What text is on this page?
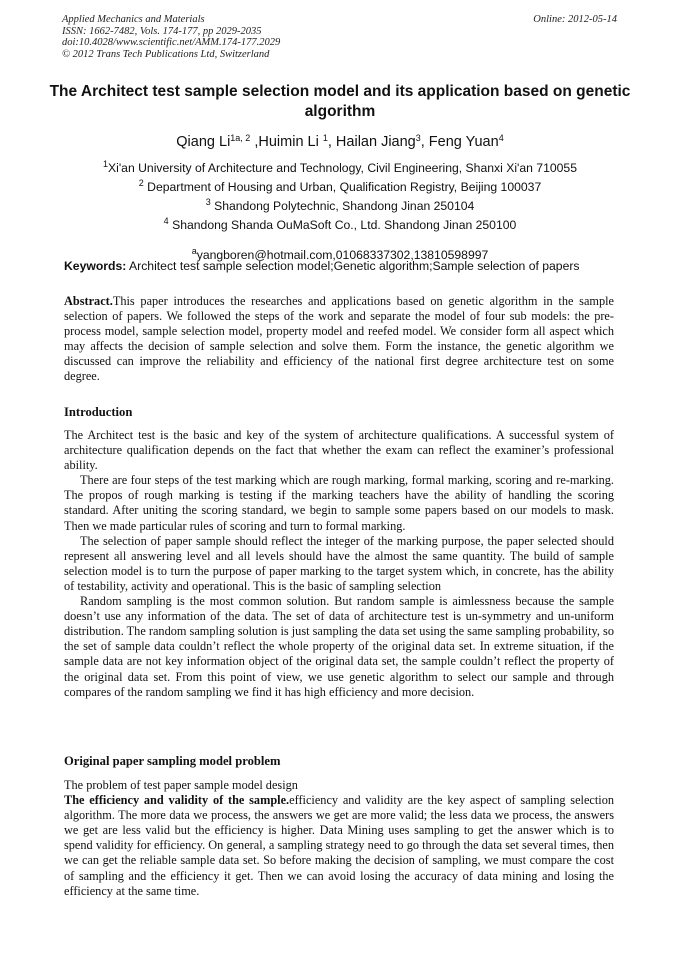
Applied Mechanics and Materials
ISSN: 1662-7482, Vols. 174-177, pp 2029-2035
doi:10.4028/www.scientific.net/AMM.174-177.2029
© 2012 Trans Tech Publications Ltd, Switzerland
Online: 2012-05-14
The Architect test sample selection model and its application based on genetic algorithm
Qiang $Li^{1a, 2}$ ,Huimin Li $^1$, Hailan Jiang$^3$, Feng Yuan$^4$
$^1$Xi'an University of Architecture and Technology, Civil Engineering, Shanxi Xi'an 710055
$^2$ Department of Housing and Urban, Qualification Registry, Beijing 100037
$^3$ Shandong Polytechnic, Shandong Jinan 250104
$^4$ Shandong Shanda OuMaSoft Co., Ltd. Shandong Jinan 250100
$^a$yangboren@hotmail.com,01068337302,13810598997
Keywords: Architect test sample selection model;Genetic algorithm;Sample selection of papers

Abstract.This paper introduces the researches and applications based on genetic algorithm in the sample selection of papers. We followed the steps of the work and separate the model of four sub models: the pre-process model, sample selection model, property model and reefed model. We consider form all aspect which may affects the decision of sample selection and solve them. Form the instance, the genetic algorithm we discussed can improve the reliability and efficiency of the national first degree architecture test on some degree.

Introduction

The Architect test is the basic and key of the system of architecture qualifications. A successful system of architecture qualification depends on the fact that whether the exam can reflect the examiner’s professional ability.

There are four steps of the test marking which are rough marking, formal marking, scoring and re-marking. The propos of rough marking is testing if the marking teachers have the ability of handling the scoring standard. After uniting the scoring standard, we begin to sample some papers based on our models to mask. Then we made particular rules of scoring and turn to formal marking.

The selection of paper sample should reflect the integer of the marking purpose, the paper selected should represent all answering level and all levels should have the almost the same quantity. The build of sample selection model is to turn the purpose of paper marking to the target system which, in concrete, has the ability of testability, activity and operational. This is the basic of sampling selection

Random sampling is the most common solution. But random sample is aimlessness because the sample doesn’t use any information of the data. The set of data of architecture test is un-symmetry and un-uniform distribution. The random sampling solution is just sampling the data set using the same sampling probability, so the set of sample data couldn’t reflect the whole property of the original data set. In extreme situation, if the sample data are not key information object of the original data set, the sample couldn’t reflect the property of the original data set. From this point of view, we use genetic algorithm to select our sample and through compares of the random sampling we find it has high efficiency and more decision.

Original paper sampling model problem

The problem of test paper sample model design

The efficiency and validity of the sample.efficiency and validity are the key aspect of sampling selection algorithm. The more data we process, the answers we get are more valid; the less data we process, the answers we get are less valid but the efficiency is higher. Data Mining uses sampling to get the answer which is to spend validity for efficiency. On general, a sampling strategy need to go through the data set several times, then we can get the reliable sample data set. So before making the decision of sampling, we must compare the cost of sampling and the efficiency it get. Then we can avoid losing the accuracy of data mining and losing the efficiency at the same time.
